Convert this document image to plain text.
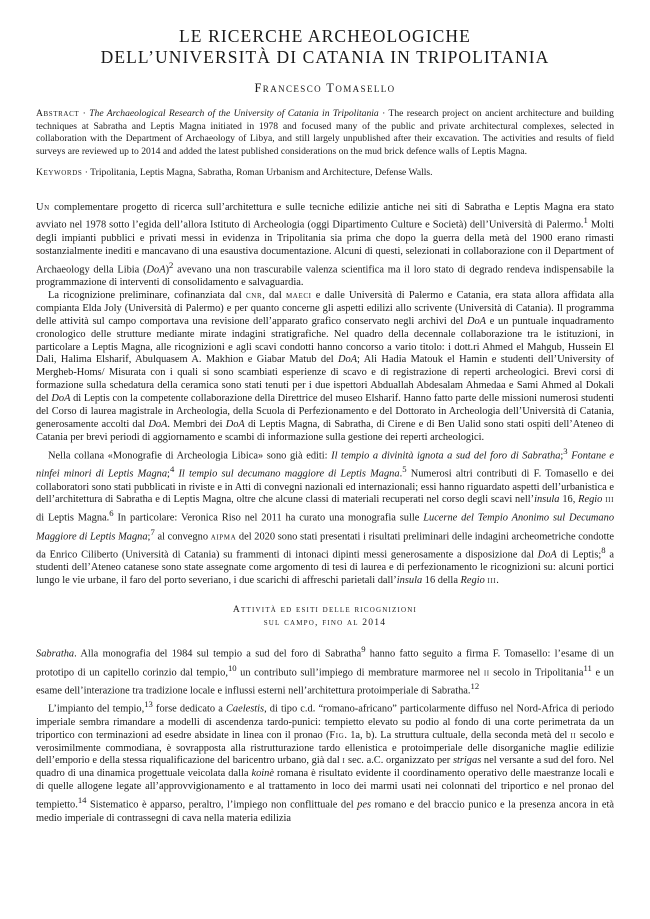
LE RICERCHE ARCHEOLOGICHE
DELL’UNIVERSITÀ DI CATANIA IN TRIPOLITANIA
Francesco Tomasello

Abstract · The Archaeological Research of the University of Catania in Tripolitania · The research project on ancient architecture and building techniques at Sabratha and Leptis Magna initiated in 1978 and focused many of the public and private architectural complexes, selected in collaboration with the Department of Archaeology of Libya, and still largely unpublished after their excavation. The activities and results of field surveys are reviewed up to 2014 and added the latest published considerations on the mud brick defence walls of Leptis Magna.

Keywords · Tripolitania, Leptis Magna, Sabratha, Roman Urbanism and Architecture, Defense Walls.

Un complementare progetto di ricerca sull’architettura e sulle tecniche edilizie antiche nei siti di Sabratha e Leptis Magna era stato avviato nel 1978 sotto l’egida dell’allora Istituto di Archeologia (oggi Dipartimento Culture e Società) dell’Università di Palermo.$^1$ Molti degli impianti pubblici e privati messi in evidenza in Tripolitania sia prima che dopo la guerra della metà del 1900 erano rimasti sostanzialmente inediti e mancavano di una esaustiva documentazione. Alcuni di questi, selezionati in collaborazione con il Department of Archaeology della Libia (DoA)$^2$ avevano una non trascurabile valenza scientifica ma il loro stato di degrado rendeva indispensabile la programmazione di interventi di consolidamento e salvaguardia.

La ricognizione preliminare, cofinanziata dal cnr, dal maeci e dalle Università di Palermo e Catania, era stata allora affidata alla compianta Elda Joly (Università di Palermo) e per quanto concerne gli aspetti edilizi allo scrivente (Università di Catania). Il programma delle attività sul campo comportava una revisione dell’apparato grafico conservato negli archivi del DoA e un puntuale inquadramento cronologico delle strutture mediante mirate indagini stratigrafiche. Nel quadro della decennale collaborazione tra le istituzioni, in particolare a Leptis Magna, alle ricognizioni e agli scavi condotti hanno concorso a vario titolo: i dott.ri Ahmed el Mahgub, Hussein El Dali, Halima Elsharif, Abulquasem A. Makhion e Giabar Matub del DoA; Ali Hadia Matouk el Hamin e studenti dell’University of Mergheb-Homs/ Misurata con i quali si sono scambiati esperienze di scavo e di registrazione di reperti archeologici. Brevi corsi di formazione sulla schedatura della ceramica sono stati tenuti per i due ispettori Abduallah Abdesalam Ahmedaa e Sami Ahmed al Dokali del DoA di Leptis con la competente collaborazione della Direttrice del museo Elsharif. Hanno fatto parte delle missioni numerosi studenti del Corso di laurea magistrale in Archeologia, della Scuola di Perfezionamento e del Dottorato in Archeologia dell’Università di Catania, generosamente accolti dal DoA. Membri dei DoA di Leptis Magna, di Sabratha, di Cirene e di Ben Ualid sono stati ospiti dell’Ateneo di Catania per brevi periodi di aggiornamento e scambi di informazione sulla gestione dei reperti archeologici.

Nella collana «Monografie di Archeologia Libica» sono già editi: Il tempio a divinità ignota a sud del foro di Sabratha;$^3$ Fontane e ninfei minori di Leptis Magna;$^4$ Il tempio sul decumano maggiore di Leptis Magna.$^5$ Numerosi altri contributi di F. Tomasello e dei collaboratori sono stati pubblicati in riviste e in Atti di convegni nazionali ed internazionali; essi hanno riguardato aspetti dell’urbanistica e dell’architettura di Sabratha e di Leptis Magna, oltre che alcune classi di materiali recuperati nel corso degli scavi nell’insula 16, Regio iii di Leptis Magna.$^6$ In particolare: Veronica Riso nel 2011 ha curato una monografia sulle Lucerne del Tempio Anonimo sul Decumano Maggiore di Leptis Magna;$^7$ al convegno aipma del 2020 sono stati presentati i risultati preliminari delle indagini archeometriche condotte da Enrico Ciliberto (Università di Catania) su frammenti di intonaci dipinti messi generosamente a disposizione dal DoA di Leptis;$^8$ a studenti dell’Ateneo catanese sono state assegnate come argomento di tesi di laurea e di perfezionamento le ricognizioni su: alcuni portici lungo le vie urbane, il faro del porto severiano, i due scarichi di affreschi parietali dall’insula 16 della Regio iii.

Attività ed esiti delle ricognizioni
sul campo, fino al 2014

Sabratha. Alla monografia del 1984 sul tempio a sud del foro di Sabratha$^9$ hanno fatto seguito a firma F. Tomasello: l’esame di un prototipo di un capitello corinzio dal tempio,$^{10}$ un contributo sull’impiego di membrature marmoree nel ii secolo in Tripolitania$^{11}$ e un esame dell’interazione tra tradizione locale e influssi esterni nell’architettura protoimperiale di Sabratha.$^{12}$

L’impianto del tempio,$^{13}$ forse dedicato a Caelestis, di tipo c.d. “romano-africano” particolarmente diffuso nel Nord-Africa di periodo imperiale sembra rimandare a modelli di ascendenza tardo-punici: tempietto elevato su podio al fondo di una corte perimetrata da un triportico con terminazioni ad esedre absidate in linea con il pronao (Fig. 1a, b). La struttura cultuale, della seconda metà del ii secolo e verosimilmente commodiana, è sovrapposta alla ristrutturazione tardo ellenistica e protoimperiale delle disorganiche maglie edilizie dell’emporio e della stessa riqualificazione del baricentro urbano, già dal i sec. a.C. organizzato per strigas nel versante a sud del foro. Nel quadro di una dinamica progettuale veicolata dalla koinè romana è risultato evidente il coordinamento operativo delle maestranze locali e di quelle allogene legate all’approvvigionamento e al trattamento in loco dei marmi usati nei colonnati del triportico e nel pronao del tempietto.$^{14}$ Sistematico è apparso, peraltro, l’impiego non conflittuale del pes romano e del braccio punico e la presenza ancora in età medio imperiale di contrassegni di cava nella materia edilizia
